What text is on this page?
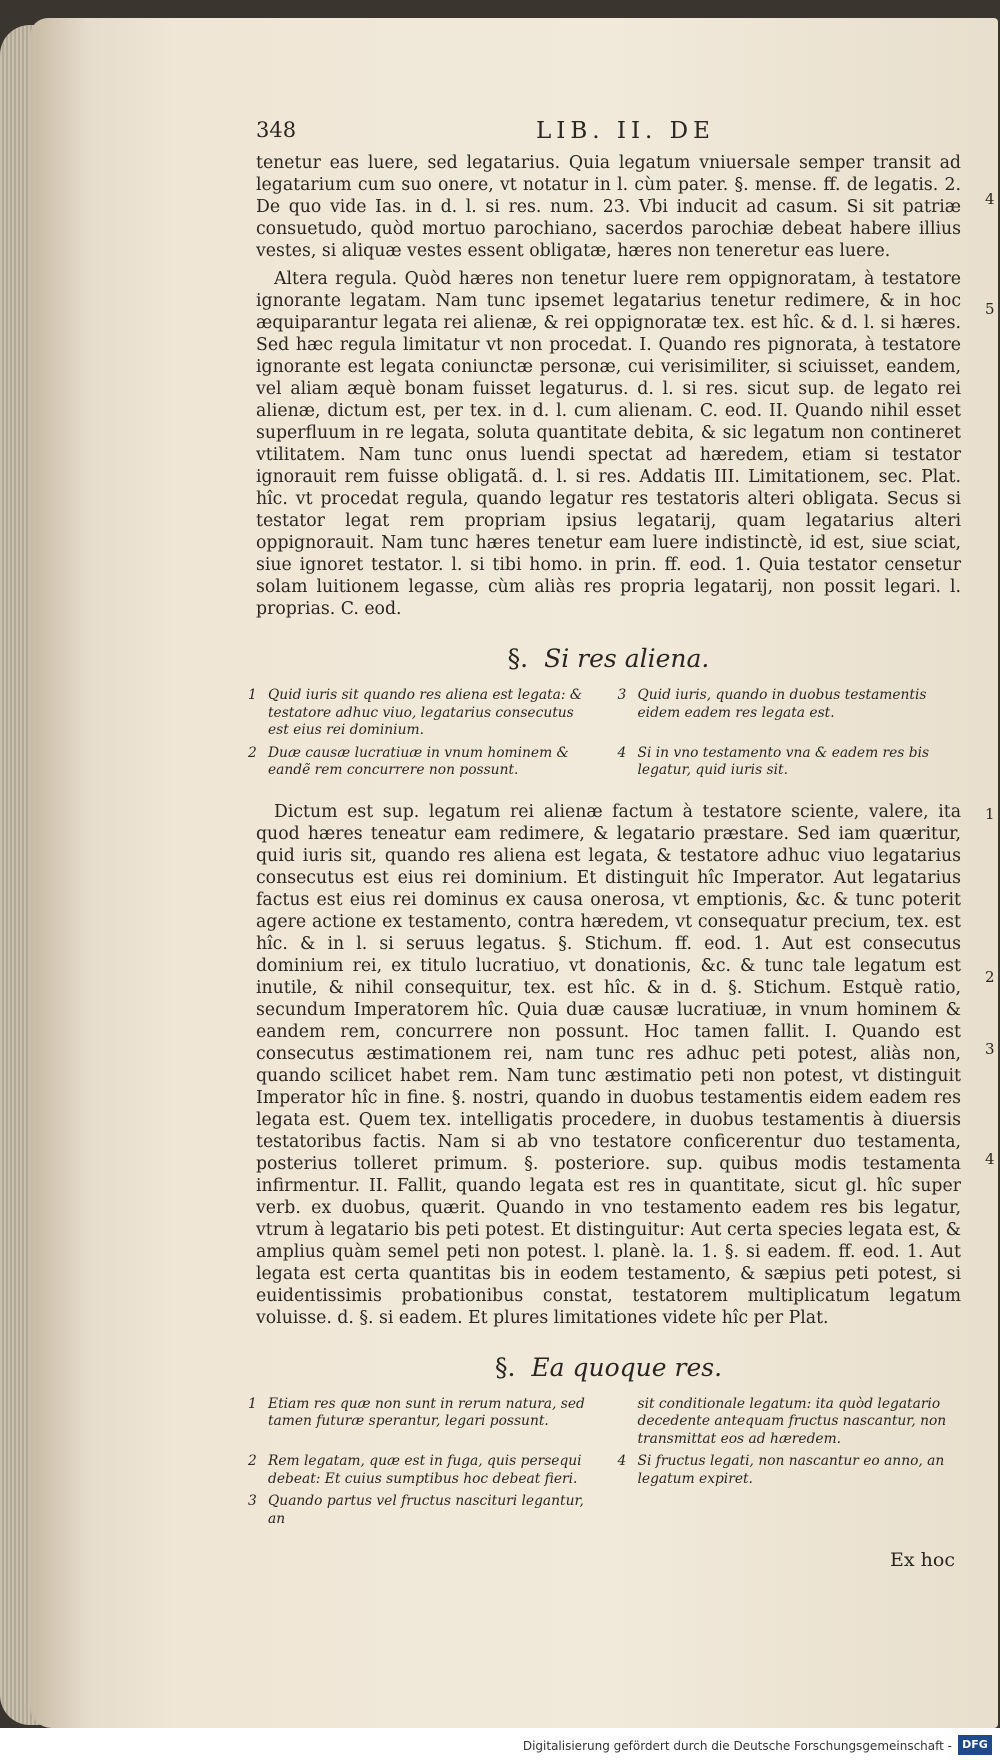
348	LIB. II. DE

tenetur eas luere, sed legatarius. Quia legatum vniuersale semper transit ad legatarium cum suo onere, vt notatur in l. cùm pater. §. mense. ff. de legatis. 2. De quo vide Ias. in d. l. si res. num. 23. Vbi inducit ad casum. Si sit patriæ consuetudo, quòd mortuo parochiano, sacerdos parochiæ debeat habere illius vestes, si aliquæ vestes essent obligatæ, hæres non teneretur eas luere.

Altera regula. Quòd hæres non tenetur luere rem oppignoratam, à testatore ignorante legatam. Nam tunc ipsemet legatarius tenetur redimere, & in hoc æquiparantur legata rei alienæ, & rei oppignoratæ tex. est hîc. & d. l. si hæres. Sed hæc regula limitatur vt non procedat. I. Quando res pignorata, à testatore ignorante est legata coniunctæ personæ, cui verisimiliter, si sciuisset, eandem, vel aliam æquè bonam fuisset legaturus. d. l. si res. sicut sup. de legato rei alienæ, dictum est, per tex. in d. l. cum alienam. C. eod. II. Quando nihil esset superfluum in re legata, soluta quantitate debita, & sic legatum non contineret vtilitatem. Nam tunc onus luendi spectat ad hæredem, etiam si testator ignorauit rem fuisse obligatã. d. l. si res. Addatis III. Limitationem, sec. Plat. hîc. vt procedat regula, quando legatur res testatoris alteri obligata. Secus si testator legat rem propriam ipsius legatarij, quam legatarius alteri oppignorauit. Nam tunc hæres tenetur eam luere indistinctè, id est, siue sciat, siue ignoret testator. l. si tibi homo. in prin. ff. eod. 1. Quia testator censetur solam luitionem legasse, cùm aliàs res propria legatarij, non possit legari. l. proprias. C. eod.

§. Si res aliena.
1 Quid iuris sit quando res aliena est legata: & testatore adhuc viuo, legatarius consecutus est eius rei dominium.
3 Quid iuris, quando in duobus testamentis eidem eadem res legata est.
2 Duæ causæ lucratiuæ in vnum hominem & eandẽ rem concurrere non possunt.
4 Si in vno testamento vna & eadem res bis legatur, quid iuris sit.

Dictum est sup. legatum rei alienæ factum à testatore sciente, valere, ita quod hæres teneatur eam redimere, & legatario præstare. Sed iam quæritur, quid iuris sit, quando res aliena est legata, & testatore adhuc viuo legatarius consecutus est eius rei dominium. Et distinguit hîc Imperator. Aut legatarius factus est eius rei dominus ex causa onerosa, vt emptionis, &c. & tunc poterit agere actione ex testamento, contra hæredem, vt consequatur precium, tex. est hîc. & in l. si seruus legatus. §. Stichum. ff. eod. 1. Aut est consecutus dominium rei, ex titulo lucratiuo, vt donationis, &c. & tunc tale legatum est inutile, & nihil consequitur, tex. est hîc. & in d. §. Stichum. Estquè ratio, secundum Imperatorem hîc. Quia duæ causæ lucratiuæ, in vnum hominem & eandem rem, concurrere non possunt. Hoc tamen fallit. I. Quando est consecutus æstimationem rei, nam tunc res adhuc peti potest, aliàs non, quando scilicet habet rem. Nam tunc æstimatio peti non potest, vt distinguit Imperator hîc in fine. §. nostri, quando in duobus testamentis eidem eadem res legata est. Quem tex. intelligatis procedere, in duobus testamentis à diuersis testatoribus factis. Nam si ab vno testatore conficerentur duo testamenta, posterius tolleret primum. §. posteriore. sup. quibus modis testamenta infirmentur. II. Fallit, quando legata est res in quantitate, sicut gl. hîc super verb. ex duobus, quærit. Quando in vno testamento eadem res bis legatur, vtrum à legatario bis peti potest. Et distinguitur: Aut certa species legata est, & amplius quàm semel peti non potest. l. planè. la. 1. §. si eadem. ff. eod. 1. Aut legata est certa quantitas bis in eodem testamento, & sæpius peti potest, si euidentissimis probationibus constat, testatorem multiplicatum legatum voluisse. d. §. si eadem. Et plures limitationes videte hîc per Plat.

§. Ea quoque res.
1 Etiam res quæ non sunt in rerum natura, sed tamen futuræ sperantur, legari possunt.
sit conditionale legatum: ita quòd legatario decedente antequam fructus nascantur, non transmittat eos ad hæredem.
2 Rem legatam, quæ est in fuga, quis persequi debeat: Et cuius sumptibus hoc debeat fieri.
4 Si fructus legati, non nascantur eo anno, an legatum expiret.
3 Quando partus vel fructus nascituri legantur, an
Ex hoc
4
5
1
2
3
4
Digitalisierung gefördert durch die Deutsche Forschungsgemeinschaft - DFG
